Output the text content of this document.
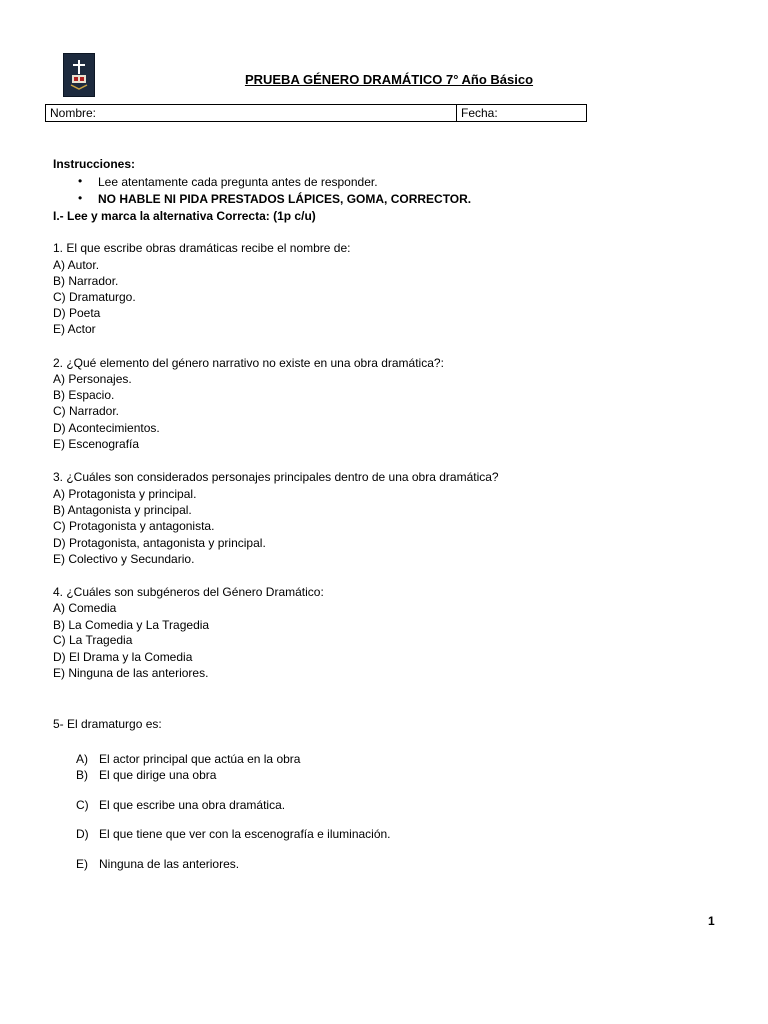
PRUEBA GÉNERO DRAMÁTICO 7° Año Básico
Nombre:	Fecha:
Instrucciones:
• Lee atentamente cada pregunta antes de responder.
• NO HABLE NI PIDA PRESTADOS LÁPICES, GOMA, CORRECTOR.
I.- Lee y marca la alternativa Correcta: (1p c/u)
1. El que escribe obras dramáticas recibe el nombre de:
A) Autor.
B) Narrador.
C) Dramaturgo.
D) Poeta
E) Actor
2. ¿Qué elemento del género narrativo no existe en una obra dramática?:
A) Personajes.
B) Espacio.
C) Narrador.
D) Acontecimientos.
E) Escenografía
3. ¿Cuáles son considerados personajes principales dentro de una obra dramática?
A) Protagonista y principal.
B) Antagonista y principal.
C) Protagonista y antagonista.
D) Protagonista, antagonista y principal.
E) Colectivo y Secundario.
4. ¿Cuáles son subgéneros del Género Dramático:
A) Comedia
B) La Comedia y La Tragedia
C) La Tragedia
D) El Drama y la Comedia
E) Ninguna de las anteriores.
5- El dramaturgo es:
A) El actor principal que actúa en la obra
B) El que dirige una obra
C) El que escribe una obra dramática.
D) El que tiene que ver con la escenografía e iluminación.
E) Ninguna de las anteriores.
1
